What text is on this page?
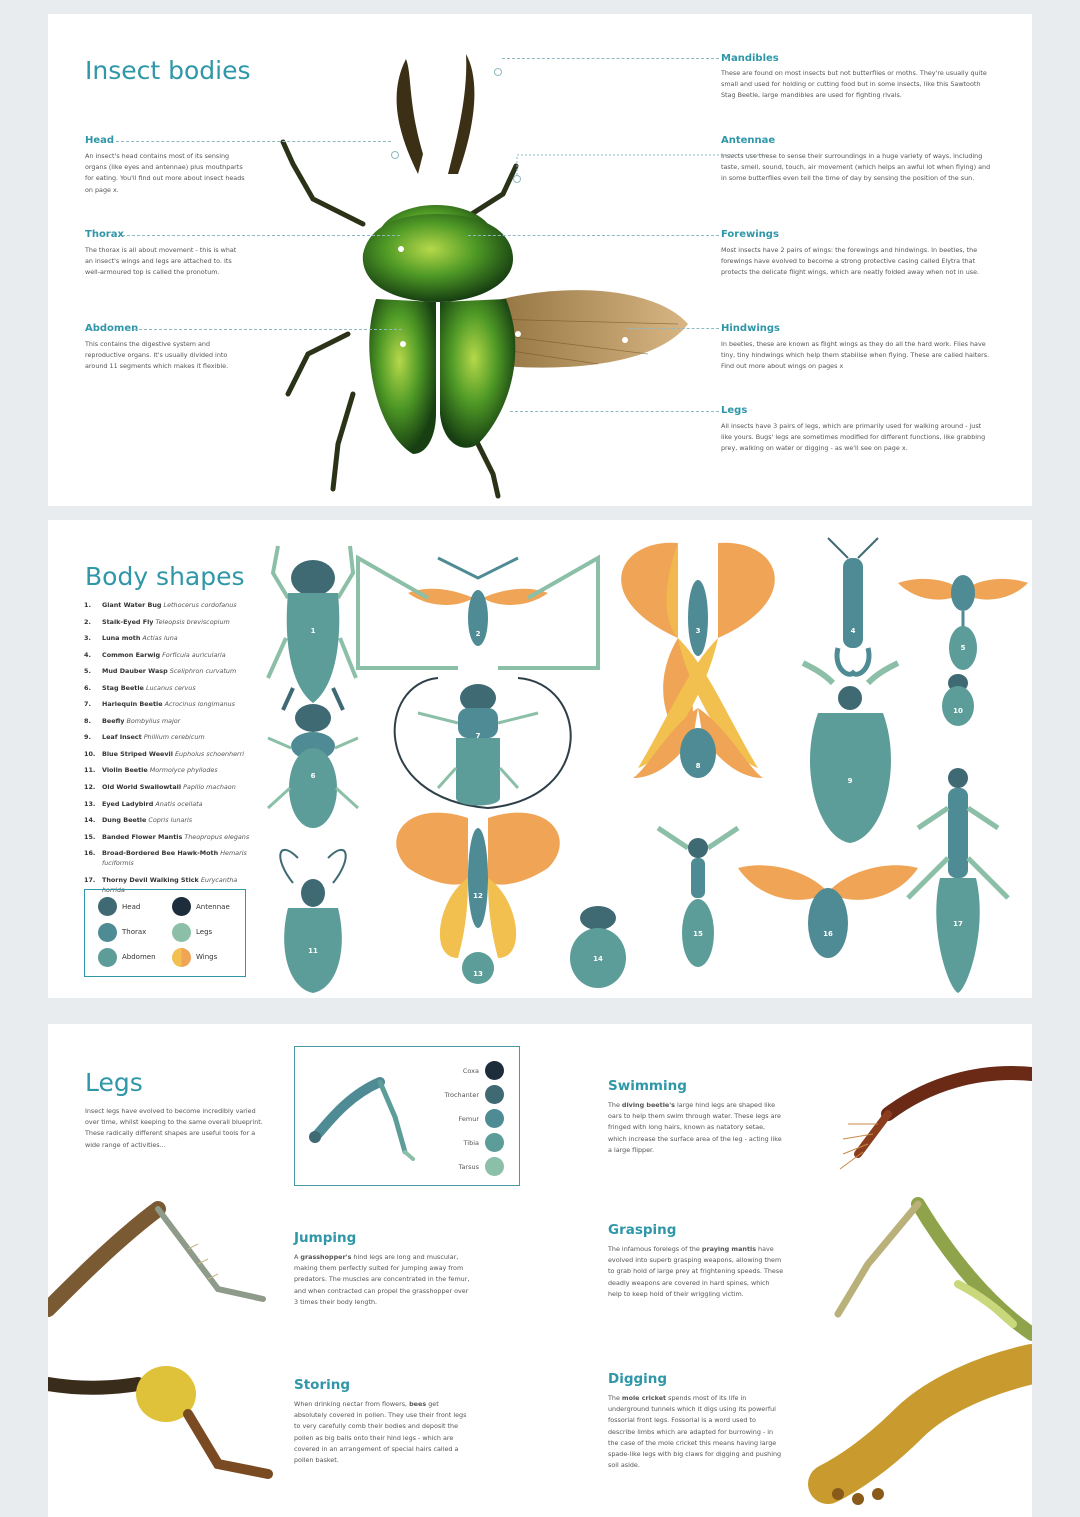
Insect bodies
Head
An insect's head contains most of its sensing organs (like eyes and antennae) plus mouthparts for eating. You'll find out more about insect heads on page x.
Thorax
The thorax is all about movement - this is what an insect's wings and legs are attached to. Its well-armoured top is called the pronotum.
Abdomen
This contains the digestive system and reproductive organs. It's usually divided into around 11 segments which makes it flexible.
Mandibles
These are found on most insects but not butterflies or moths. They're usually quite small and used for holding or cutting food but in some insects, like this Sawtooth Stag Beetle, large mandibles are used for fighting rivals.
Antennae
Insects use these to sense their surroundings in a huge variety of ways, including taste, smell, sound, touch, air movement (which helps an awful lot when flying) and in some butterflies even tell the time of day by sensing the position of the sun.
Forewings
Most insects have 2 pairs of wings: the forewings and hindwings. In beetles, the forewings have evolved to become a strong protective casing called Elytra that protects the delicate flight wings, which are neatly folded away when not in use.
Hindwings
In beetles, these are known as flight wings as they do all the hard work. Flies have tiny, tiny hindwings which help them stabilise when flying. These are called halters. Find out more about wings on pages x
Legs
All insects have 3 pairs of legs, which are primarily used for walking around - just like yours. Bugs' legs are sometimes modified for different functions, like grabbing prey, walking on water or digging - as we'll see on page x.
Body shapes
1. Giant Water Bug Lethocerus cordofanus
2. Stalk-Eyed Fly Teleopsis breviscopium
3. Luna moth Actias luna
4. Common Earwig Forficula auricularia
5. Mud Dauber Wasp Sceliphron curvatum
6. Stag Beetle Lucanus cervus
7. Harlequin Beetle Acrocinus longimanus
8. Beefly Bombylius major
9. Leaf Insect Phillium cerebicum
10. Blue Striped Weevil Eupholus schoenherri
11. Violin Beetle Mormolyce phyllodes
12. Old World Swallowtail Papilio machaon
13. Eyed Ladybird Anatis ocellata
14. Dung Beetle Copris lunaris
15. Banded Flower Mantis Theopropus elegans
16. Broad-Bordered Bee Hawk-Moth Hemaris fuciformis
17. Thorny Devil Walking Stick Eurycantha horrida
Head	Antennae
Thorax	Legs
Abdomen	Wings
1	2	3	4
5
6
7
8
9
10
11
12
13
14
15	16
17
Legs
Insect legs have evolved to become incredibly varied over time, whilst keeping to the same overall blueprint. These radically different shapes are useful tools for a wide range of activities...
Coxa
Trochanter
Femur
Tibia
Tarsus
Swimming
The diving beetle's large hind legs are shaped like oars to help them swim through water. These legs are fringed with long hairs, known as natatory setae, which increase the surface area of the leg - acting like a large flipper.
Jumping
A grasshopper's hind legs are long and muscular, making them perfectly suited for jumping away from predators. The muscles are concentrated in the femur, and when contracted can propel the grasshopper over 3 times their body length.
Grasping
The infamous forelegs of the praying mantis have evolved into superb grasping weapons, allowing them to grab hold of large prey at frightening speeds. These deadly weapons are covered in hard spines, which help to keep hold of their wriggling victim.
Storing
When drinking nectar from flowers, bees get absolutely covered in pollen. They use their front legs to very carefully comb their bodies and deposit the pollen as big balls onto their hind legs - which are covered in an arrangement of special hairs called a pollen basket.
Digging
The mole cricket spends most of its life in underground tunnels which it digs using its powerful fossorial front legs. Fossorial is a word used to describe limbs which are adapted for burrowing - in the case of the mole cricket this means having large spade-like legs with big claws for digging and pushing soil aside.
